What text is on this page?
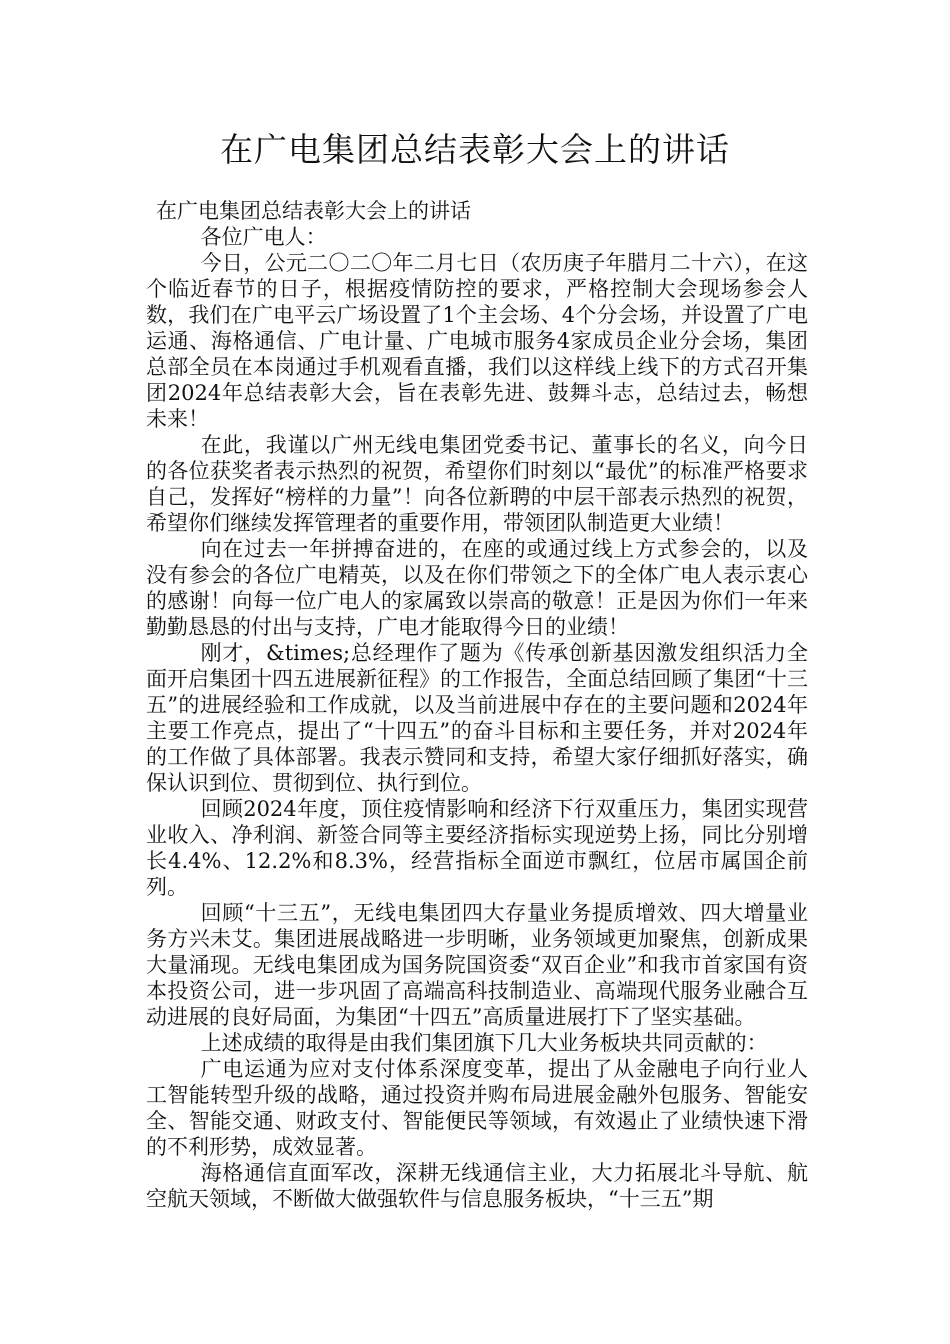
在广电集团总结表彰大会上的讲话

在广电集团总结表彰大会上的讲话

各位广电人：

今日，公元二〇二〇年二月七日（农历庚子年腊月二十六），在这个临近春节的日子，根据疫情防控的要求，严格控制大会现场参会人数，我们在广电平云广场设置了1个主会场、4个分会场，并设置了广电运通、海格通信、广电计量、广电城市服务4家成员企业分会场，集团总部全员在本岗通过手机观看直播，我们以这样线上线下的方式召开集团2024年总结表彰大会，旨在表彰先进、鼓舞斗志，总结过去，畅想未来！

在此，我谨以广州无线电集团党委书记、董事长的名义，向今日的各位获奖者表示热烈的祝贺，希望你们时刻以“最优”的标准严格要求自己，发挥好“榜样的力量”！向各位新聘的中层干部表示热烈的祝贺，希望你们继续发挥管理者的重要作用，带领团队制造更大业绩！

向在过去一年拼搏奋进的，在座的或通过线上方式参会的，以及没有参会的各位广电精英，以及在你们带领之下的全体广电人表示衷心的感谢！向每一位广电人的家属致以崇高的敬意！正是因为你们一年来勤勤恳恳的付出与支持，广电才能取得今日的业绩！

刚才，&times;总经理作了题为《传承创新基因激发组织活力全面开启集团十四五进展新征程》的工作报告，全面总结回顾了集团“十三五”的进展经验和工作成就，以及当前进展中存在的主要问题和2024年主要工作亮点，提出了“十四五”的奋斗目标和主要任务，并对2024年的工作做了具体部署。我表示赞同和支持，希望大家仔细抓好落实，确保认识到位、贯彻到位、执行到位。

回顾2024年度，顶住疫情影响和经济下行双重压力，集团实现营业收入、净利润、新签合同等主要经济指标实现逆势上扬，同比分别增长4.4%、12.2%和8.3%，经营指标全面逆市飘红，位居市属国企前列。

回顾“十三五”，无线电集团四大存量业务提质增效、四大增量业务方兴未艾。集团进展战略进一步明晰，业务领域更加聚焦，创新成果大量涌现。无线电集团成为国务院国资委“双百企业”和我市首家国有资本投资公司，进一步巩固了高端高科技制造业、高端现代服务业融合互动进展的良好局面，为集团“十四五”高质量进展打下了坚实基础。

上述成绩的取得是由我们集团旗下几大业务板块共同贡献的：

广电运通为应对支付体系深度变革，提出了从金融电子向行业人工智能转型升级的战略，通过投资并购布局进展金融外包服务、智能安全、智能交通、财政支付、智能便民等领域，有效遏止了业绩快速下滑的不利形势，成效显著。

海格通信直面军改，深耕无线通信主业，大力拓展北斗导航、航空航天领域，不断做大做强软件与信息服务板块，“十三五”期
